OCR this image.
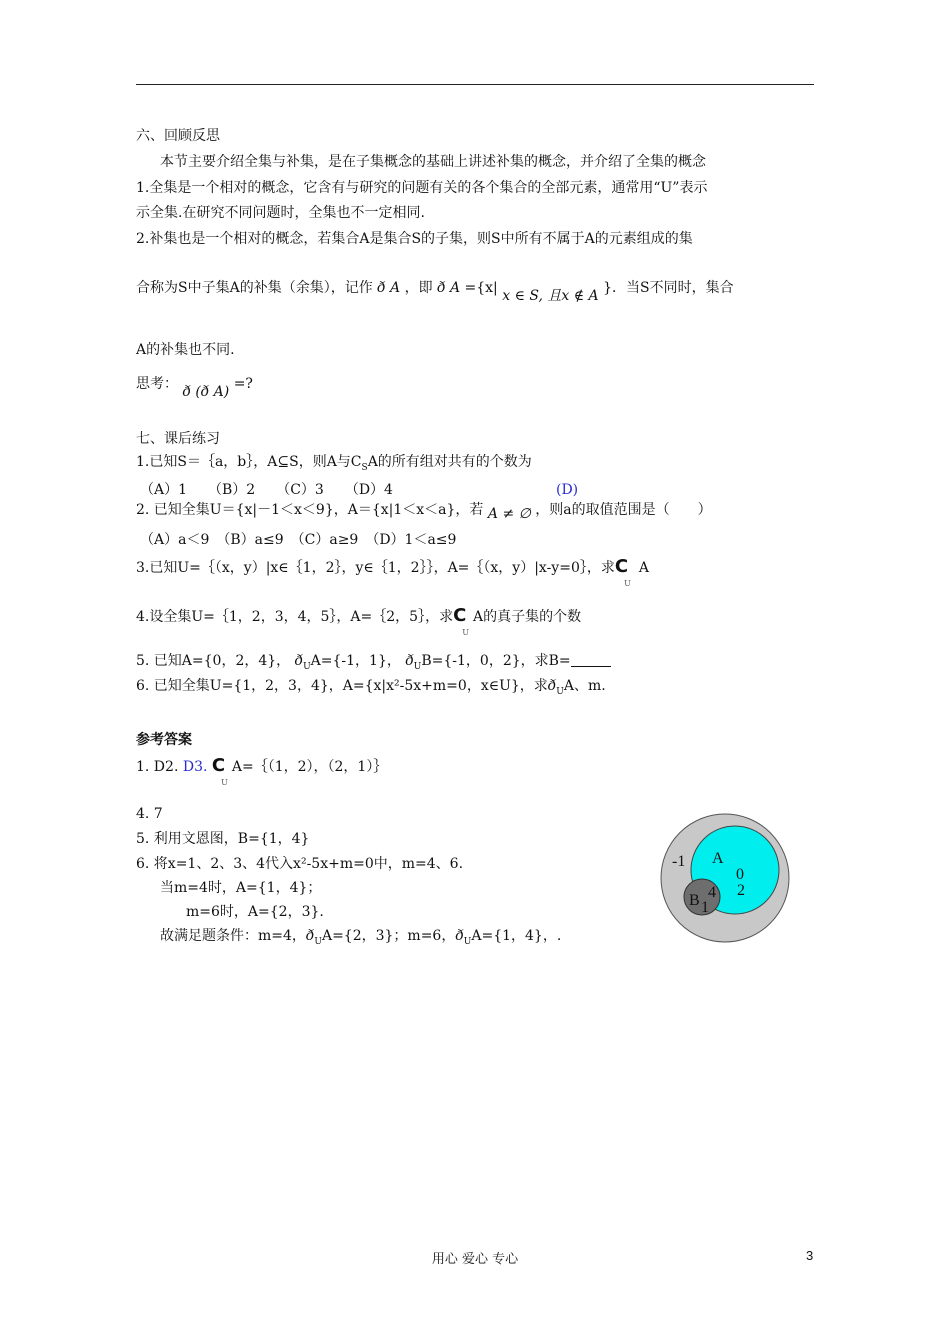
六、回顾反思
本节主要介绍全集与补集，是在子集概念的基础上讲述补集的概念，并介绍了全集的概念
1.全集是一个相对的概念，它含有与研究的问题有关的各个集合的全部元素，通常用“U”表示
示全集.在研究不同问题时，全集也不一定相同.
2.补集也是一个相对的概念，若集合A是集合S的子集，则S中所有不属于A的元素组成的集
合称为S中子集A的补集（余集），记作 ð A ，即 ð A ={x| x ∈ S, 且x ∉ A }．当S不同时，集合
A的补集也不同.
思考： ð (ð A) =?
七、课后练习
1.已知S＝｛a，b｝，A⊆S，则A与$C_SA$的所有组对共有的个数为
（A）1　　（B）2　　（C）3　　（D）4	(D)
2. 已知全集U＝{x|－1＜x＜9}，A＝{x|1＜x＜a}，若 A ≠ ∅ ，则a的取值范围是（　　）
（A）a＜9　（B）a≤9　（C）a≥9　（D）1＜a≤9
3.已知U=｛（x，y）|x∈｛1，2｝，y∈｛1，2｝｝，A=｛（x，y）|x-y=0｝，求$C_UA$
4.设全集U=｛1，2，3，4，5｝，A=｛2，5｝，求$C_UA$的真子集的个数
5. 已知A={0，2，4}， $ð_UA=\{-1$，1}， $ð_UB=\{-1$，0，2}，求B=
6. 已知全集U={1，2，3，4}，A={x|x²-5x+m=0，x∈U}，求$ð_UA$、m.
参考答案
1. D2. D3. $C_UA=\{(1$，2），（2，1）｝
4. 7
5. 利用文恩图，B={1，4}
6. 将x=1、2、3、4代入x²-5x+m=0中，m=4、6.
当m=4时，A={1，4}；
m=6时，A={2，3}.
故满足题条件：m=4，$ð_UA=\{2$，3}；m=6，$ð_UA=\{1$，4}，.
-1 A
0
2
B 4
1
用心 爱心 专心	3
